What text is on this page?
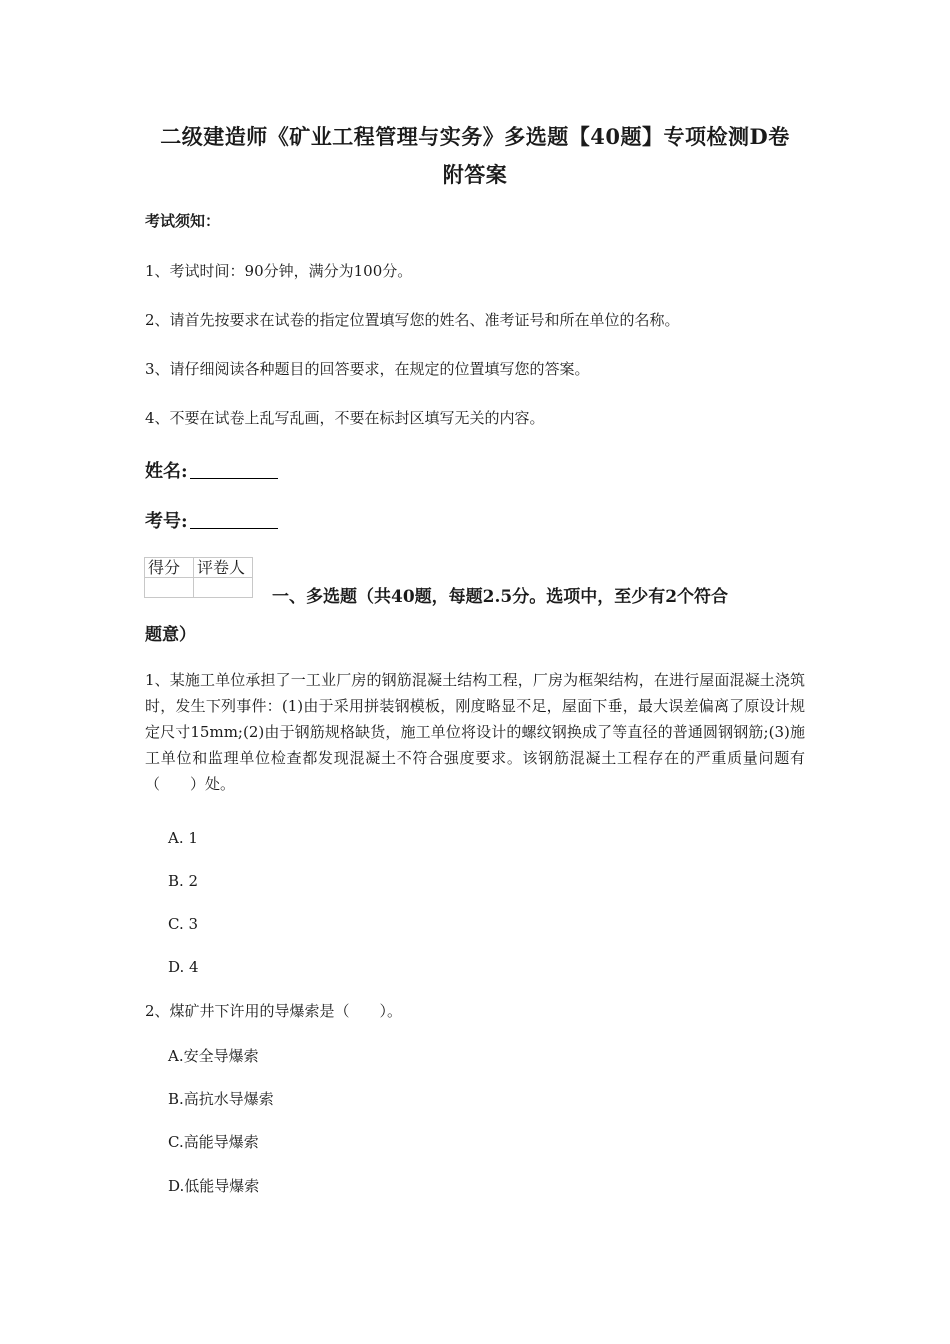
二级建造师《矿业工程管理与实务》多选题【40题】专项检测D卷
附答案
考试须知：
1、考试时间：90分钟，满分为100分。
2、请首先按要求在试卷的指定位置填写您的姓名、准考证号和所在单位的名称。
3、请仔细阅读各种题目的回答要求，在规定的位置填写您的答案。
4、不要在试卷上乱写乱画，不要在标封区填写无关的内容。
姓名:
考号:
得分	评卷人

一、多选题（共40题，每题2.5分。选项中，至少有2个符合
题意）
1、某施工单位承担了一工业厂房的钢筋混凝土结构工程，厂房为框架结构，在进行屋面混凝土浇筑时，发生下列事件：(1)由于采用拼装钢模板，刚度略显不足，屋面下垂，最大误差偏离了原设计规定尺寸15mm;(2)由于钢筋规格缺货，施工单位将设计的螺纹钢换成了等直径的普通圆钢钢筋;(3)施工单位和监理单位检查都发现混凝土不符合强度要求。该钢筋混凝土工程存在的严重质量问题有（　　）处。
A. 1
B. 2
C. 3
D. 4
2、煤矿井下许用的导爆索是（　　）。
A.安全导爆索
B.高抗水导爆索
C.高能导爆索
D.低能导爆索
